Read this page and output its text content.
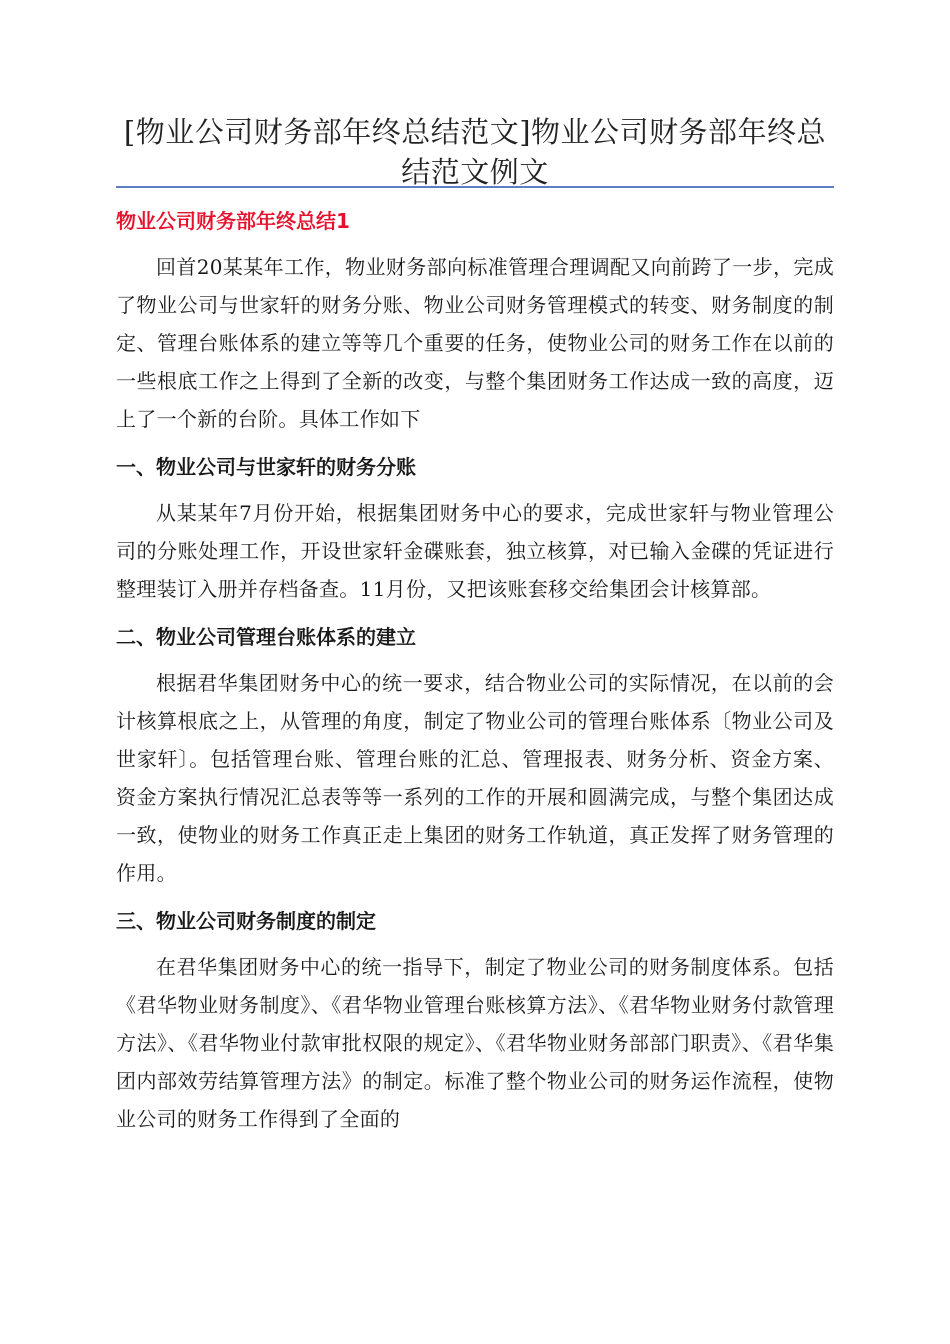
[物业公司财务部年终总结范文]物业公司财务部年终总结范文例文
物业公司财务部年终总结1

回首20某某年工作，物业财务部向标准管理合理调配又向前跨了一步，完成了物业公司与世家轩的财务分账、物业公司财务管理模式的转变、财务制度的制定、管理台账体系的建立等等几个重要的任务，使物业公司的财务工作在以前的一些根底工作之上得到了全新的改变，与整个集团财务工作达成一致的高度，迈上了一个新的台阶。具体工作如下

一、物业公司与世家轩的财务分账

从某某年7月份开始，根据集团财务中心的要求，完成世家轩与物业管理公司的分账处理工作，开设世家轩金碟账套，独立核算，对已输入金碟的凭证进行整理装订入册并存档备查。11月份，又把该账套移交给集团会计核算部。

二、物业公司管理台账体系的建立

根据君华集团财务中心的统一要求，结合物业公司的实际情况，在以前的会计核算根底之上，从管理的角度，制定了物业公司的管理台账体系〔物业公司及世家轩〕。包括管理台账、管理台账的汇总、管理报表、财务分析、资金方案、资金方案执行情况汇总表等等一系列的工作的开展和圆满完成，与整个集团达成一致，使物业的财务工作真正走上集团的财务工作轨道，真正发挥了财务管理的作用。

三、物业公司财务制度的制定

在君华集团财务中心的统一指导下，制定了物业公司的财务制度体系。包括《君华物业财务制度》、《君华物业管理台账核算方法》、《君华物业财务付款管理方法》、《君华物业付款审批权限的规定》、《君华物业财务部部门职责》、《君华集团内部效劳结算管理方法》的制定。标准了整个物业公司的财务运作流程，使物业公司的财务工作得到了全面的
